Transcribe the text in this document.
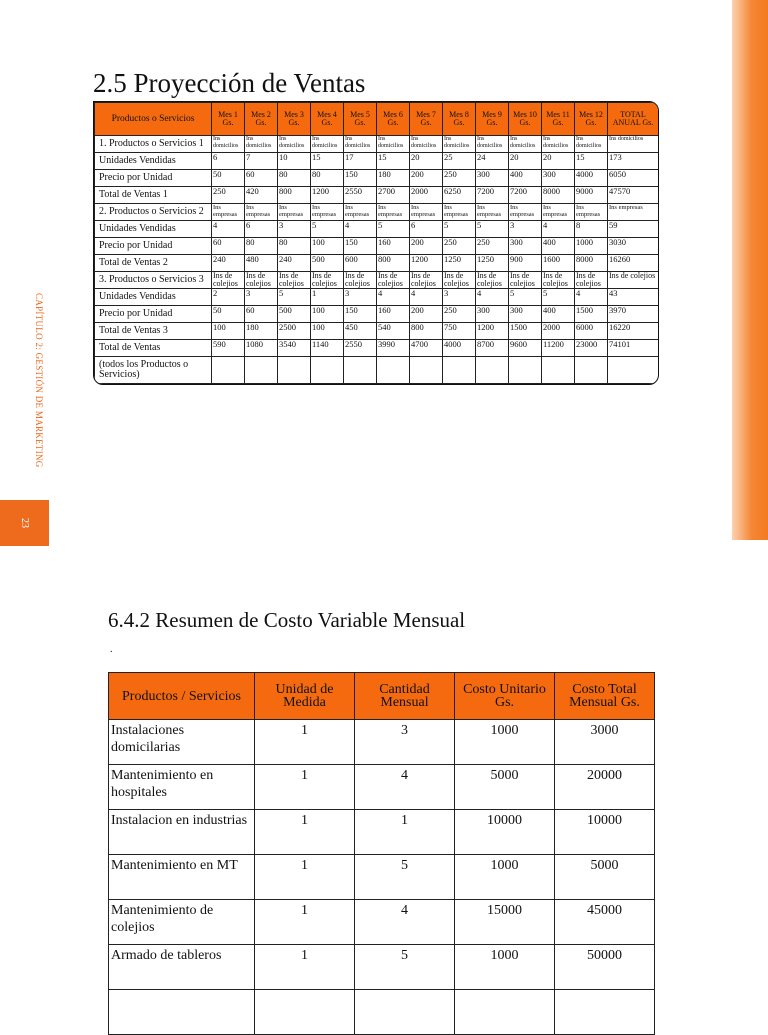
CAPÍTULO 2: GESTIÓN DE MARKETING
23
2.5 Proyección de Ventas
Productos o Servicios	Mes 1 Gs.	Mes 2 Gs.	Mes 3 Gs.	Mes 4 Gs.	Mes 5 Gs.	Mes 6 Gs.	Mes 7 Gs.	Mes 8 Gs.	Mes 9 Gs.	Mes 10 Gs.	Mes 11 Gs.	Mes 12 Gs.	TOTAL ANUAL Gs.
1. Productos o Servicios 1	Ins domicilios	Ins domicilios	Ins domicilios	Ins domicilios	Ins domicilios	Ins domicilios	Ins domicilios	Ins domicilios	Ins domicilios	Ins domicilios	Ins domicilios	Ins domicilios	Ins domicilios
Unidades Vendidas	6	7	10	15	17	15	20	25	24	20	20	15	173
Precio por Unidad	50	60	80	80	150	180	200	250	300	400	300	4000	6050
Total de Ventas 1	250	420	800	1200	2550	2700	2000	6250	7200	7200	8000	9000	47570
2. Productos o Servicios 2	Ins empresas	Ins empresas	Ins empresas	Ins empresas	Ins empresas	Ins empresas	Ins empresas	Ins empresas	Ins empresas	Ins empresas	Ins empresas	Ins empresas	Ins empresas
Unidades Vendidas	4	6	3	5	4	5	6	5	5	3	4	8	59
Precio por Unidad	60	80	80	100	150	160	200	250	250	300	400	1000	3030
Total de Ventas 2	240	480	240	500	600	800	1200	1250	1250	900	1600	8000	16260
3. Productos o Servicios 3	Ins de colejios	Ins de colejios	Ins de colejios	Ins de colejios	Ins de colejios	Ins de colejios	Ins de colejios	Ins de colejios	Ins de colejios	Ins de colejios	Ins de colejios	Ins de colejios	Ins de colejios
Unidades Vendidas	2	3	5	1	3	4	4	3	4	5	5	4	43
Precio por Unidad	50	60	500	100	150	160	200	250	300	300	400	1500	3970
Total de Ventas 3	100	180	2500	100	450	540	800	750	1200	1500	2000	6000	16220
Total de Ventas	590	1080	3540	1140	2550	3990	4700	4000	8700	9600	11200	23000	74101
(todos los Productos o Servicios)													
6.4.2 Resumen de Costo Variable Mensual
.
Productos / Servicios	Unidad de Medida	Cantidad Mensual	Costo Unitario Gs.	Costo Total Mensual Gs.
Instalaciones domicilarias	1	3	1000	3000
Mantenimiento en hospitales	1	4	5000	20000
Instalacion en industrias	1	1	10000	10000
Mantenimiento en MT	1	5	1000	5000
Mantenimiento de colejios	1	4	15000	45000
Armado de tableros	1	5	1000	50000
